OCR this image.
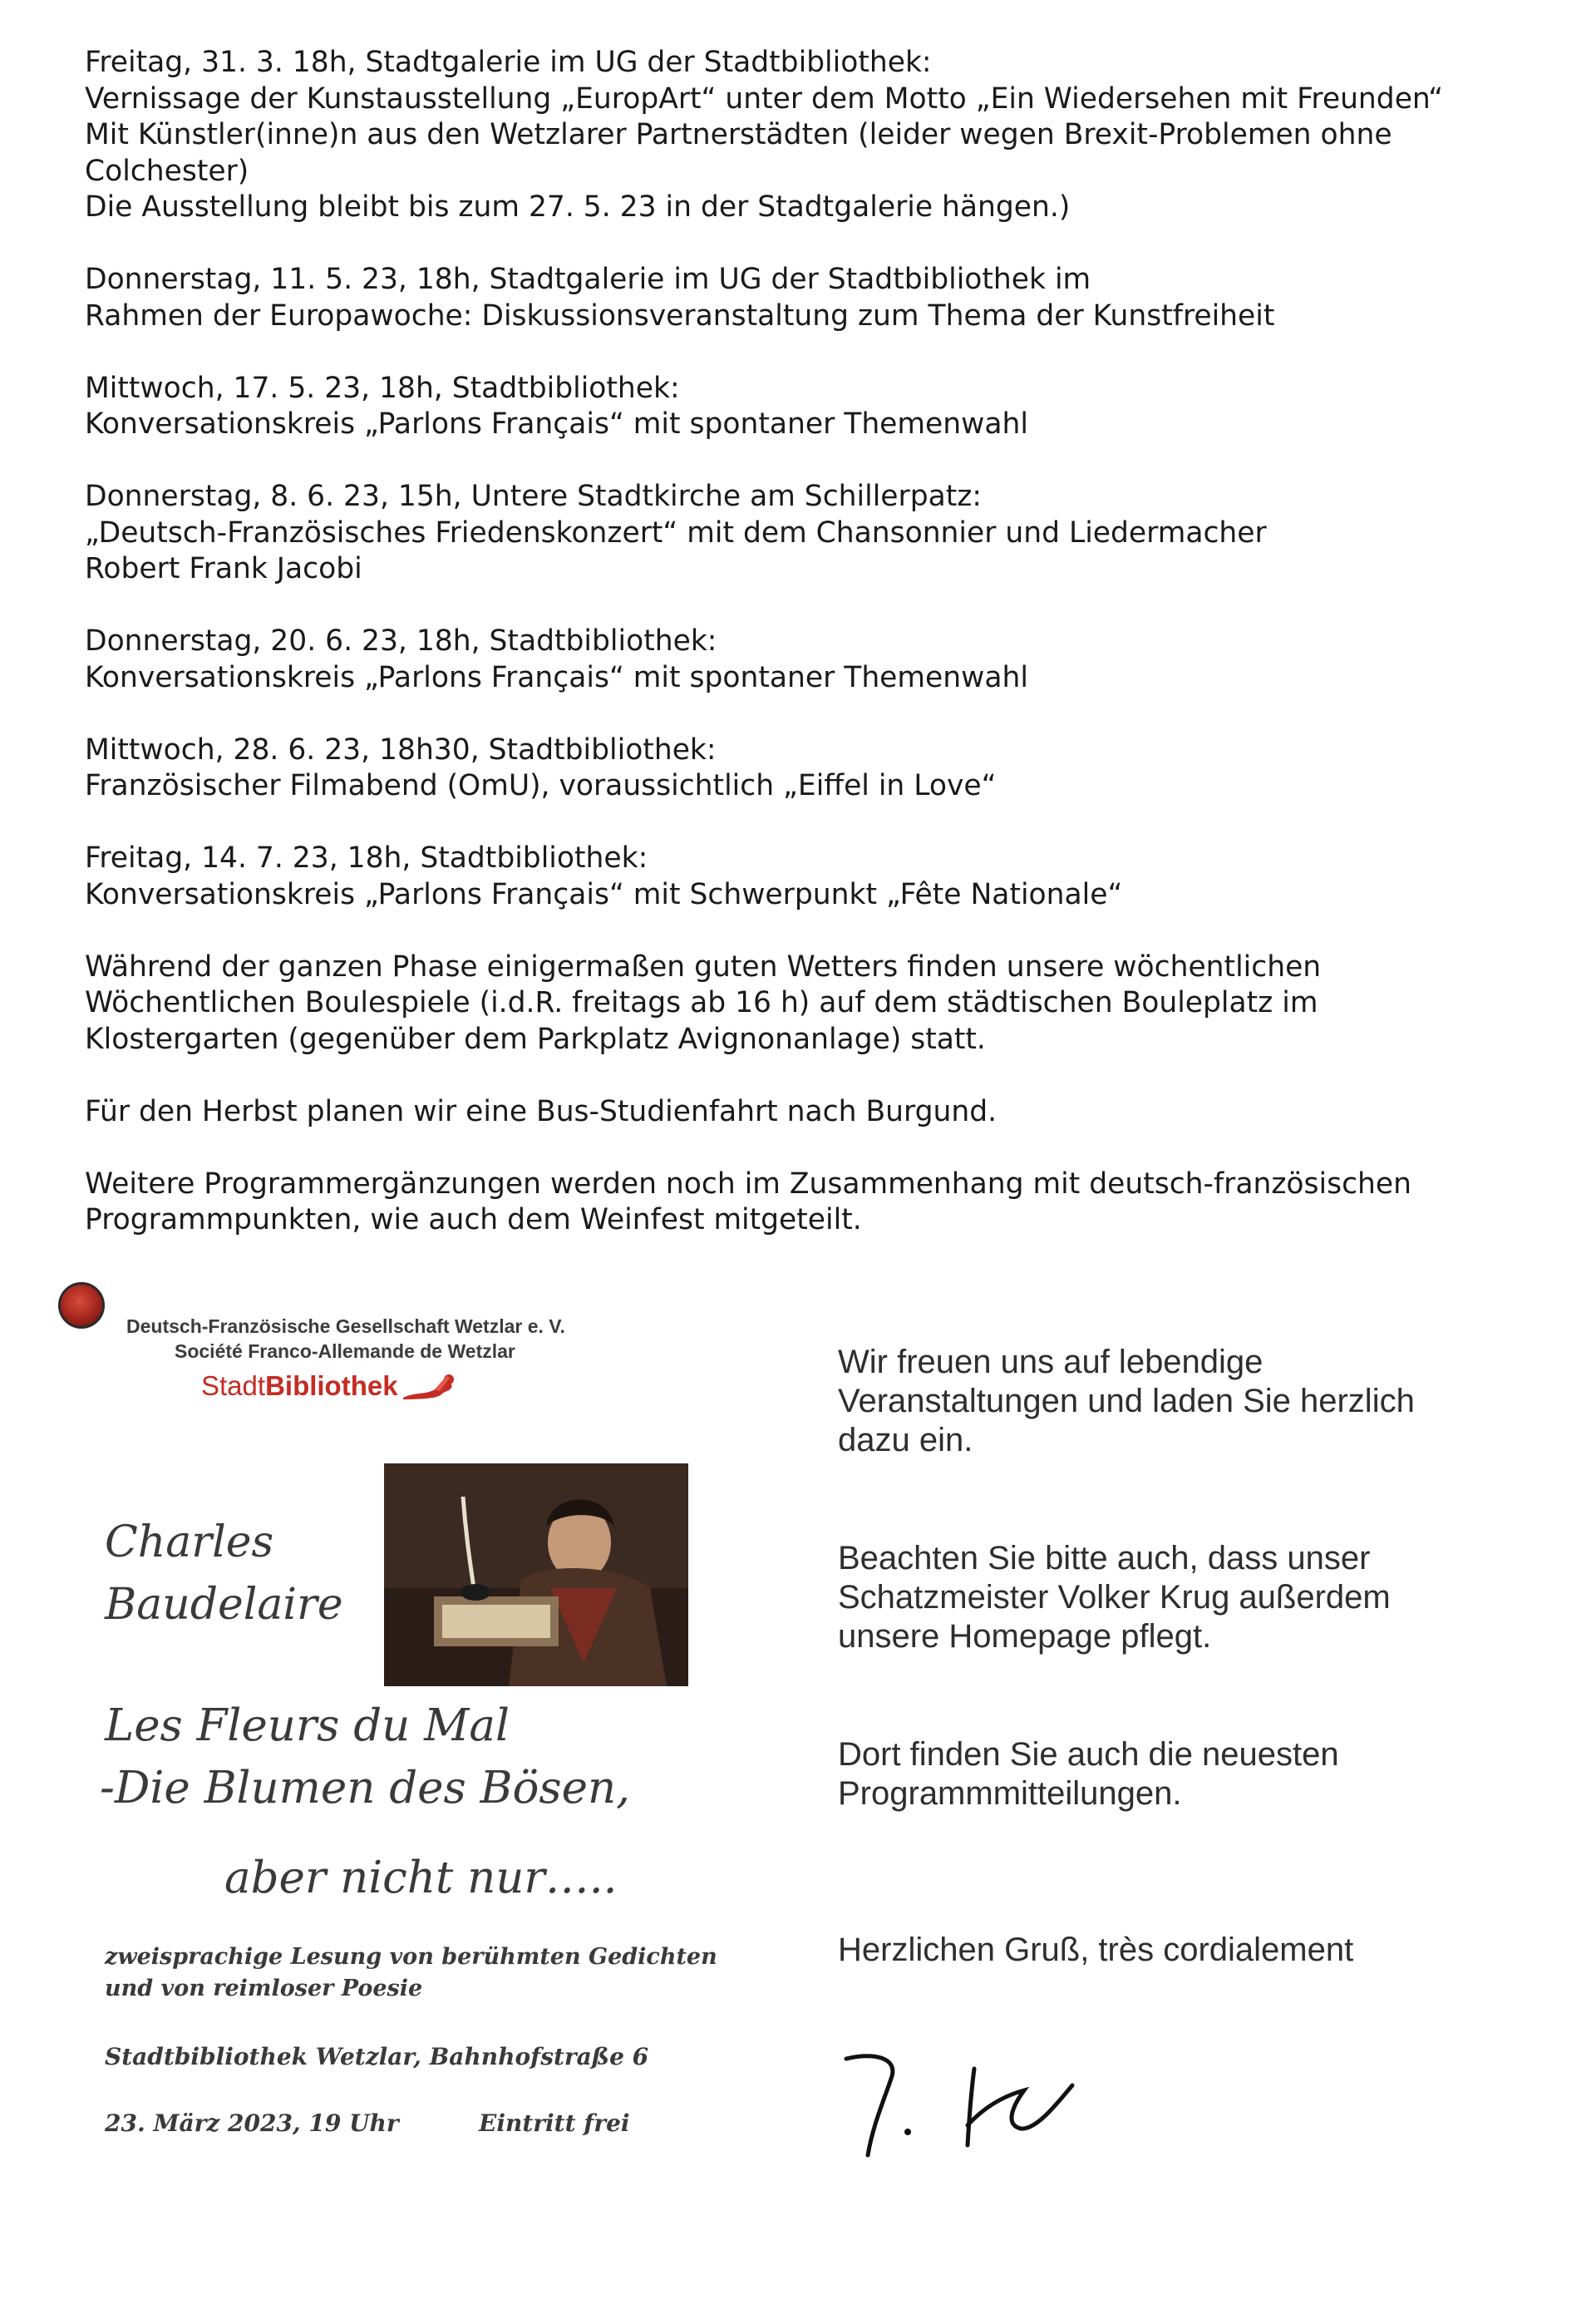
Freitag, 31. 3. 18h, Stadtgalerie im UG der Stadtbibliothek:
Vernissage der Kunstausstellung „EuropArt“ unter dem Motto „Ein Wiedersehen mit Freunden“
Mit Künstler(inne)n aus den Wetzlarer Partnerstädten (leider wegen Brexit-Problemen ohne
Colchester)
Die Ausstellung bleibt bis zum 27. 5. 23 in der Stadtgalerie hängen.)

Donnerstag, 11. 5. 23, 18h, Stadtgalerie im UG der Stadtbibliothek im
Rahmen der Europawoche: Diskussionsveranstaltung zum Thema der Kunstfreiheit

Mittwoch, 17. 5. 23, 18h, Stadtbibliothek:
Konversationskreis „Parlons Français“ mit spontaner Themenwahl

Donnerstag, 8. 6. 23, 15h, Untere Stadtkirche am Schillerpatz:
„Deutsch-Französisches Friedenskonzert“ mit dem Chansonnier und Liedermacher
Robert Frank Jacobi

Donnerstag, 20. 6. 23, 18h, Stadtbibliothek:
Konversationskreis „Parlons Français“ mit spontaner Themenwahl

Mittwoch, 28. 6. 23, 18h30, Stadtbibliothek:
Französischer Filmabend (OmU), voraussichtlich „Eiffel in Love“

Freitag, 14. 7. 23, 18h, Stadtbibliothek:
Konversationskreis „Parlons Français“ mit Schwerpunkt „Fête Nationale“

Während der ganzen Phase einigermaßen guten Wetters finden unsere wöchentlichen
Wöchentlichen Boulespiele (i.d.R. freitags ab 16 h) auf dem städtischen Bouleplatz im
Klostergarten (gegenüber dem Parkplatz Avignonanlage) statt.

Für den Herbst planen wir eine Bus-Studienfahrt nach Burgund.

Weitere Programmergänzungen werden noch im Zusammenhang mit deutsch-französischen
Programmpunkten, wie auch dem Weinfest mitgeteilt.

Deutsch-Französische Gesellschaft Wetzlar e. V.
Société Franco-Allemande de Wetzlar
StadtBibliothek
Charles
Baudelaire
Les Fleurs du Mal
-Die Blumen des Bösen,
aber nicht nur…..
zweisprachige Lesung von berühmten Gedichten
und von reimloser Poesie
Stadtbibliothek Wetzlar, Bahnhofstraße 6
23. März 2023, 19 Uhr	Eintritt frei

Wir freuen uns auf lebendige
Veranstaltungen und laden Sie herzlich
dazu ein.

Beachten Sie bitte auch, dass unser
Schatzmeister Volker Krug außerdem
unsere Homepage pflegt.

Dort finden Sie auch die neuesten
Programmmitteilungen.

Herzlichen Gruß, très cordialement
